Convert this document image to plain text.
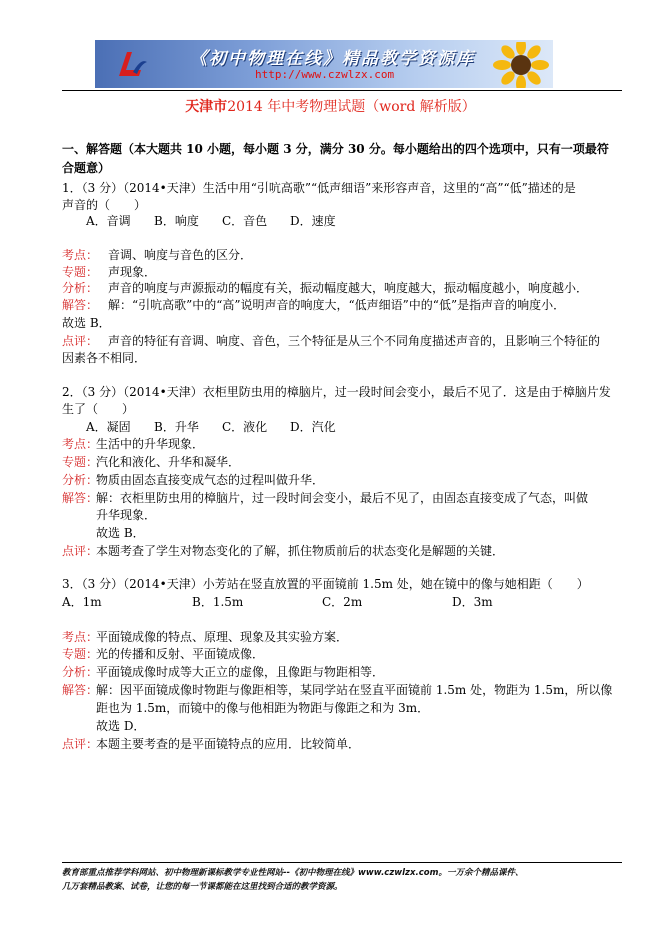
《初中物理在线》精品教学资源库
http://www.czwlzx.com
天津市2014 年中考物理试题（word 解析版）
一、解答题（本大题共 10 小题，每小题 3 分，满分 30 分。每小题给出的四个选项中，只有一项最符合题意）
1．（3 分）（2014•天津）生活中用“引吭高歌”“低声细语”来形容声音，这里的“高”“低”描述的是
声音的（　　）
A．音调 B．响度 C．音色 D．速度
考点： 音调、响度与音色的区分．
专题： 声现象．
分析： 声音的响度与声源振动的幅度有关，振动幅度越大，响度越大，振动幅度越小，响度越小．
解答： 解：“引吭高歌”中的“高”说明声音的响度大，“低声细语”中的“低”是指声音的响度小．
故选 B．
点评： 声音的特征有音调、响度、音色，三个特征是从三个不同角度描述声音的，且影响三个特征的
因素各不相同．
2．（3 分）（2014•天津）衣柜里防虫用的樟脑片，过一段时间会变小，最后不见了．这是由于樟脑片发
生了（　　）
A．凝固 B．升华 C．液化 D．汽化
考点：生活中的升华现象．
专题：汽化和液化、升华和凝华．
分析：物质由固态直接变成气态的过程叫做升华．
解答：解：衣柜里防虫用的樟脑片，过一段时间会变小，最后不见了，由固态直接变成了气态，叫做
升华现象．
故选 B．
点评：本题考查了学生对物态变化的了解，抓住物质前后的状态变化是解题的关键．
3．（3 分）（2014•天津）小芳站在竖直放置的平面镜前 1.5m 处，她在镜中的像与她相距（　　）
A．1m	B．1.5m	C．2m	D．3m
考点：平面镜成像的特点、原理、现象及其实验方案．
专题：光的传播和反射、平面镜成像．
分析：平面镜成像时成等大正立的虚像，且像距与物距相等．
解答：解：因平面镜成像时物距与像距相等，某同学站在竖直平面镜前 1.5m 处，物距为 1.5m，所以像
距也为 1.5m，而镜中的像与他相距为物距与像距之和为 3m．
故选 D．
点评：本题主要考查的是平面镜特点的应用．比较简单．
教育部重点推荐学科网站、初中物理新课标教学专业性网站--《初中物理在线》www.czwlzx.com。一万余个精品课件、
几万套精品教案、试卷，让您的每一节课都能在这里找到合适的教学资源。
